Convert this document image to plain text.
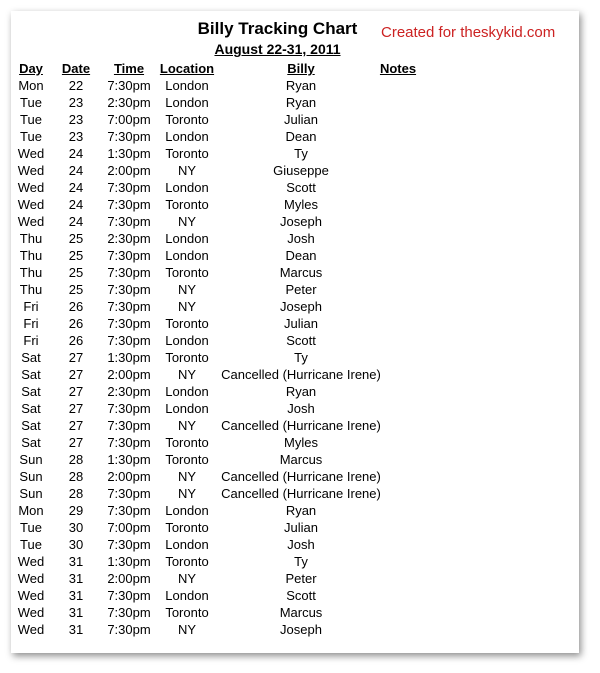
Billy Tracking Chart
August 22-31, 2011
Created for theskykid.com
Day	Date	Time	Location	Billy	Notes
Mon	22	7:30pm	London	Ryan
Tue	23	2:30pm	London	Ryan
Tue	23	7:00pm	Toronto	Julian
Tue	23	7:30pm	London	Dean
Wed	24	1:30pm	Toronto	Ty
Wed	24	2:00pm	NY	Giuseppe
Wed	24	7:30pm	London	Scott
Wed	24	7:30pm	Toronto	Myles
Wed	24	7:30pm	NY	Joseph
Thu	25	2:30pm	London	Josh
Thu	25	7:30pm	London	Dean
Thu	25	7:30pm	Toronto	Marcus
Thu	25	7:30pm	NY	Peter
Fri	26	7:30pm	NY	Joseph
Fri	26	7:30pm	Toronto	Julian
Fri	26	7:30pm	London	Scott
Sat	27	1:30pm	Toronto	Ty
Sat	27	2:00pm	NY	Cancelled (Hurricane Irene)
Sat	27	2:30pm	London	Ryan
Sat	27	7:30pm	London	Josh
Sat	27	7:30pm	NY	Cancelled (Hurricane Irene)
Sat	27	7:30pm	Toronto	Myles
Sun	28	1:30pm	Toronto	Marcus
Sun	28	2:00pm	NY	Cancelled (Hurricane Irene)
Sun	28	7:30pm	NY	Cancelled (Hurricane Irene)
Mon	29	7:30pm	London	Ryan
Tue	30	7:00pm	Toronto	Julian
Tue	30	7:30pm	London	Josh
Wed	31	1:30pm	Toronto	Ty
Wed	31	2:00pm	NY	Peter
Wed	31	7:30pm	London	Scott
Wed	31	7:30pm	Toronto	Marcus
Wed	31	7:30pm	NY	Joseph
